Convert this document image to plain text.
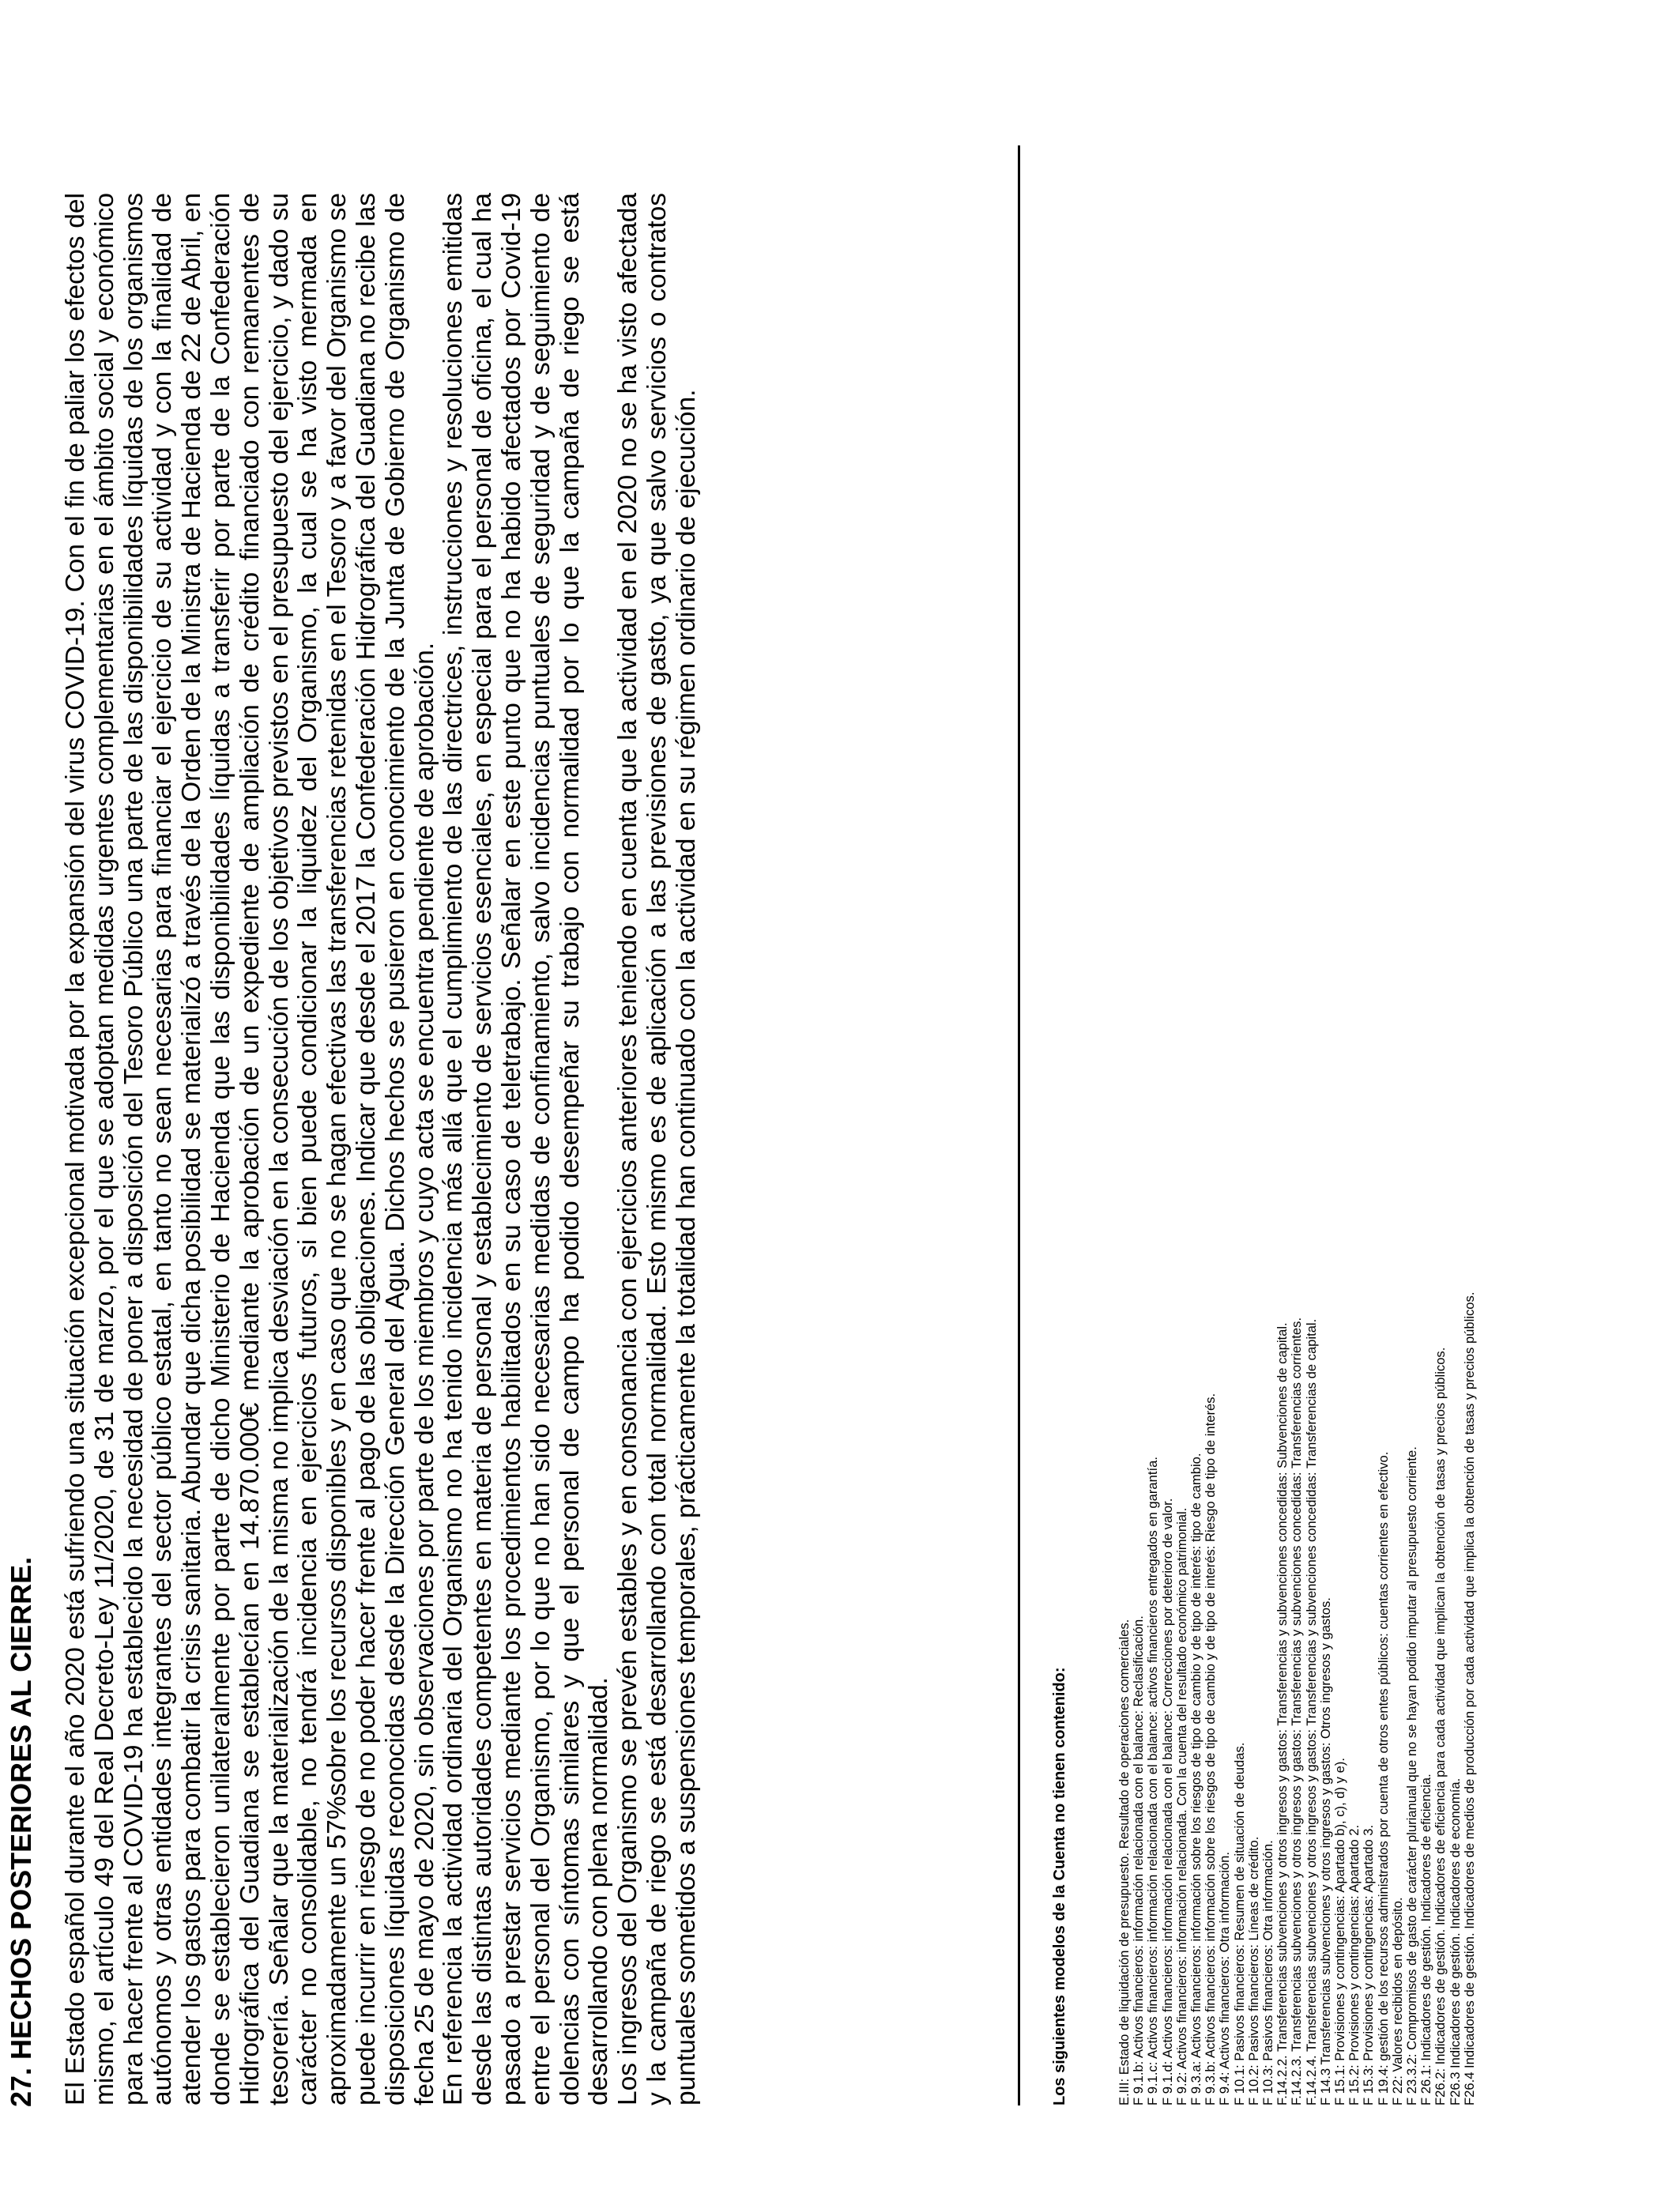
27. HECHOS POSTERIORES AL CIERRE. El Estado español durante el año 2020 está sufriendo una situación excepcional motivada por la expansión del virus COVID-19. Con el fin de paliar los efectos del mismo, el artículo 49 del Real Decreto-Ley 11/2020, de 31 de marzo, por el que se adoptan medidas urgentes complementarias en el ámbito social y económico para hacer frente al COVID-19 ha establecido la necesidad de poner a disposición del Tesoro Público una parte de las disponibilidades líquidas de los organismos autónomos y otras entidades integrantes del sector público estatal, en tanto no sean necesarias para financiar el ejercicio de su actividad y con la finalidad de atender los gastos para combatir la crisis sanitaria. Abundar que dicha posibilidad se materializó a través de la Orden de la Ministra de Hacienda de 22 de Abril, en donde se establecieron unilateralmente por parte de dicho Ministerio de Hacienda que las disponibilidades líquidas a transferir por parte de la Confederación Hidrográfica del Guadiana se establecían en 14.870.000€ mediante la aprobación de un expediente de ampliación de crédito financiado con remanentes de tesorería. Señalar que la materialización de la misma no implica desviación en la consecución de los objetivos previstos en el presupuesto del ejercicio, y dado su carácter no consolidable, no tendrá incidencia en ejercicios futuros, si bien puede condicionar la liquidez del Organismo, la cual se ha visto mermada en aproximadamente un 57%sobre los recursos disponibles y en caso que no se hagan efectivas las transferencias retenidas en el Tesoro y a favor del Organismo se puede incurrir en riesgo de no poder hacer frente al pago de las obligaciones. Indicar que desde el 2017 la Confederación Hidrográfica del Guadiana no recibe las disposiciones líquidas reconocidas desde la Dirección General del Agua. Dichos hechos se pusieron en conocimiento de la Junta de Gobierno de Organismo de fecha 25 de mayo de 2020, sin observaciones por parte de los miembros y cuyo acta se encuentra pendiente de aprobación. En referencia la actividad ordinaria del Organismo no ha tenido incidencia más allá que el cumplimiento de las directrices, instrucciones y resoluciones emitidas desde las distintas autoridades competentes en materia de personal y establecimiento de servicios esenciales, en especial para el personal de oficina, el cual ha pasado a prestar servicios mediante los procedimientos habilitados en su caso de teletrabajo. Señalar en este punto que no ha habido afectados por Covid-19 entre el personal del Organismo, por lo que no han sido necesarias medidas de confinamiento, salvo incidencias puntuales de seguridad y de seguimiento de dolencias con síntomas similares y que el personal de campo ha podido desempeñar su trabajo con normalidad por lo que la campaña de riego se está desarrollando con plena normalidad. Los ingresos del Organismo se prevén estables y en consonancia con ejercicios anteriores teniendo en cuenta que la actividad en el 2020 no se ha visto afectada y la campaña de riego se está desarrollando con total normalidad. Esto mismo es de aplicación a las previsiones de gasto, ya que salvo servicios o contratos puntuales sometidos a suspensiones temporales, prácticamente la totalidad han continuado con la actividad en su régimen ordinario de ejecución.	Los siguientes modelos de la Cuenta no tienen contenido:	E.III: Estado de liquidación de presupuesto. Resultado de operaciones comerciales. F 9.1.b: Activos financieros: información relacionada con el balance: Reclasificación. F 9.1.c: Activos financieros: información relacionada con el balance: activos financieros entregados en garantía. F 9.1.d: Activos financieros: información relacionada con el balance: Correcciones por deterioro de valor. F 9.2: Activos financieros: información relacionada. Con la cuenta del resultado económico patrimonial. F 9.3.a: Activos financieros: información sobre los riesgos de tipo de cambio y de tipo de interés: tipo de cambio. F 9.3.b: Activos financieros: información sobre los riesgos de tipo de cambio y de tipo de interés: Riesgo de tipo de interés. F 9.4: Activos financieros: Otra información. F 10.1: Pasivos financieros: Resumen de situación de deudas. F 10.2: Pasivos financieros: Líneas de crédito. F 10.3: Pasivos financieros: Otra información. F.14.2.2. Transferencias subvenciones y otros ingresos y gastos: Transferencias y subvenciones concedidas: Subvenciones de capital. F.14.2.3. Transferencias subvenciones y otros ingresos y gastos: Transferencias y subvenciones concedidas: Transferencias corrientes. F.14.2.4. Transferencias subvenciones y otros ingresos y gastos: Transferencias y subvenciones concedidas: Transferencias de capital. F 14.3 Transferencias subvenciones y otros ingresos y gastos: Otros ingresos y gastos. F 15.1: Provisiones y contingencias: Apartado b), c), d) y e). F 15.2: Provisiones y contingencias: Apartado 2. F 15.3: Provisiones y contingencias: Apartado 3. F 19.4: gestión de los recursos administrados por cuenta de otros entes públicos: cuentas corrientes en efectivo. F 22: Valores recibidos en depósito. F 23.3.2: Compromisos de gasto de carácter plurianual que no se hayan podido imputar al presupuesto corriente. F 26.1: Indicadores de gestión. Indicadores de eficiencia. F26.2: Indicadores de gestión. Indicadores de eficiencia para cada actividad que implican la obtención de tasas y precios públicos. F26.3 Indicadores de gestión. Indicadores de economía. F26.4 Indicadores de gestión. Indicadores de medios de producción por cada actividad que implica la obtención de tasas y precios públicos.
